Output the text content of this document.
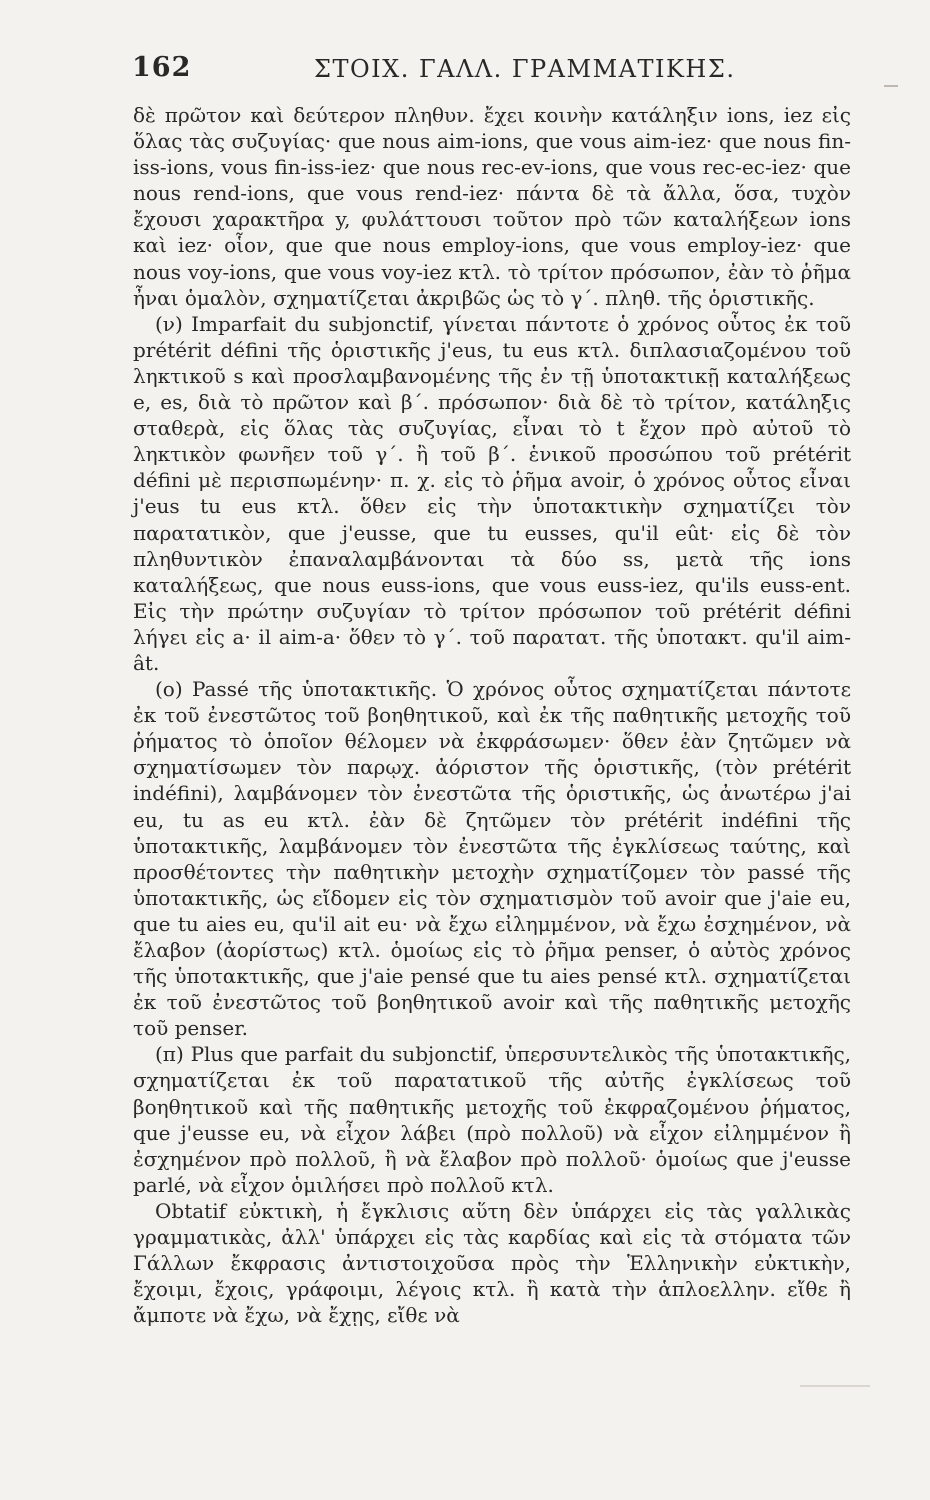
162	ΣΤΟΙΧ. ΓΑΛΛ. ΓΡΑΜΜΑΤΙΚΗΣ.

δὲ πρῶτον καὶ δεύτερον πληθυν. ἔχει κοινὴν κατάληξιν ions, iez εἰς ὅλας τὰς συζυγίας· que nous aim-ions, que vous aim-iez· que nous fin-iss-ions, vous fin-iss-iez· que nous rec-ev-ions, que vous rec-ec-iez· que nous rend-ions, que vous rend-iez· πάντα δὲ τὰ ἄλλα, ὅσα, τυχὸν ἔχουσι χαρακτῆρα y, φυλάττουσι τοῦτον πρὸ τῶν καταλήξεων ions καὶ iez· οἷον, que que nous employ-ions, que vous employ-iez· que nous voy-ions, que vous voy-iez κτλ. τὸ τρίτον πρόσωπον, ἐὰν τὸ ῥῆμα ἦναι ὁμαλὸν, σχηματίζεται ἀκριβῶς ὡς τὸ γ΄. πληθ. τῆς ὁριστικῆς.

(ν) Imparfait du subjonctif, γίνεται πάντοτε ὁ χρόνος οὗτος ἐκ τοῦ prétérit défini τῆς ὁριστικῆς j'eus, tu eus κτλ. διπλασιαζομένου τοῦ ληκτικοῦ s καὶ προσλαμβανομένης τῆς ἐν τῇ ὑποτακτικῇ καταλήξεως e, es, διὰ τὸ πρῶτον καὶ β΄. πρόσωπον· διὰ δὲ τὸ τρίτον, κατάληξις σταθερὰ, εἰς ὅλας τὰς συζυγίας, εἶναι τὸ t ἔχον πρὸ αὐτοῦ τὸ ληκτικὸν φωνῆεν τοῦ γ΄. ἢ τοῦ β΄. ἑνικοῦ προσώπου τοῦ prétérit défini μὲ περισπωμένην· π. χ. εἰς τὸ ῥῆμα avoir, ὁ χρόνος οὗτος εἶναι j'eus tu eus κτλ. ὅθεν εἰς τὴν ὑποτακτικὴν σχηματίζει τὸν παρατατικὸν, que j'eusse, que tu eusses, qu'il eût· εἰς δὲ τὸν πληθυντικὸν ἐπαναλαμβάνονται τὰ δύο ss, μετὰ τῆς ions καταλήξεως, que nous euss-ions, que vous euss-iez, qu'ils euss-ent. Εἰς τὴν πρώτην συζυγίαν τὸ τρίτον πρόσωπον τοῦ prétérit défini λήγει εἰς a· il aim-a· ὅθεν τὸ γ΄. τοῦ παρατατ. τῆς ὑποτακτ. qu'il aim-ât.

(ο) Passé τῆς ὑποτακτικῆς. Ὁ χρόνος οὗτος σχηματίζεται πάντοτε ἐκ τοῦ ἐνεστῶτος τοῦ βοηθητικοῦ, καὶ ἐκ τῆς παθητικῆς μετοχῆς τοῦ ῥήματος τὸ ὁποῖον θέλομεν νὰ ἐκφράσωμεν· ὅθεν ἐὰν ζητῶμεν νὰ σχηματίσωμεν τὸν παρῳχ. ἀόριστον τῆς ὁριστικῆς, (τὸν prétérit indéfini), λαμβάνομεν τὸν ἐνεστῶτα τῆς ὁριστικῆς, ὡς ἀνωτέρω j'ai eu, tu as eu κτλ. ἐὰν δὲ ζητῶμεν τὸν prétérit indéfini τῆς ὑποτακτικῆς, λαμβάνομεν τὸν ἐνεστῶτα τῆς ἐγκλίσεως ταύτης, καὶ προσθέτοντες τὴν παθητικὴν μετοχὴν σχηματίζομεν τὸν passé τῆς ὑποτακτικῆς, ὡς εἴδομεν εἰς τὸν σχηματισμὸν τοῦ avoir que j'aie eu, que tu aies eu, qu'il ait eu· νὰ ἔχω εἰλημμένον, νὰ ἔχω ἐσχημένον, νὰ ἔλαβον (ἀορίστως) κτλ. ὁμοίως εἰς τὸ ῥῆμα penser, ὁ αὐτὸς χρόνος τῆς ὑποτακτικῆς, que j'aie pensé que tu aies pensé κτλ. σχηματίζεται ἐκ τοῦ ἐνεστῶτος τοῦ βοηθητικοῦ avoir καὶ τῆς παθητικῆς μετοχῆς τοῦ penser.

(π) Plus que parfait du subjonctif, ὑπερσυντελικὸς τῆς ὑποτακτικῆς, σχηματίζεται ἐκ τοῦ παρατατικοῦ τῆς αὐτῆς ἐγκλίσεως τοῦ βοηθητικοῦ καὶ τῆς παθητικῆς μετοχῆς τοῦ ἐκφραζομένου ῥήματος, que j'eusse eu, νὰ εἶχον λάβει (πρὸ πολλοῦ) νὰ εἶχον εἰλημμένον ἢ ἐσχημένον πρὸ πολλοῦ, ἢ νὰ ἔλαβον πρὸ πολλοῦ· ὁμοίως que j'eusse parlé, νὰ εἶχον ὁμιλήσει πρὸ πολλοῦ κτλ.

Obtatif εὐκτικὴ, ἡ ἔγκλισις αὕτη δὲν ὑπάρχει εἰς τὰς γαλλικὰς γραμματικὰς, ἀλλ' ὑπάρχει εἰς τὰς καρδίας καὶ εἰς τὰ στόματα τῶν Γάλλων ἔκφρασις ἀντιστοιχοῦσα πρὸς τὴν Ἑλληνικὴν εὐκτικὴν, ἔχοιμι, ἔχοις, γράφοιμι, λέγοις κτλ. ἢ κατὰ τὴν ἁπλοελλην. εἴθε ἢ ἄμποτε νὰ ἔχω, νὰ ἔχῃς, εἴθε νὰ
